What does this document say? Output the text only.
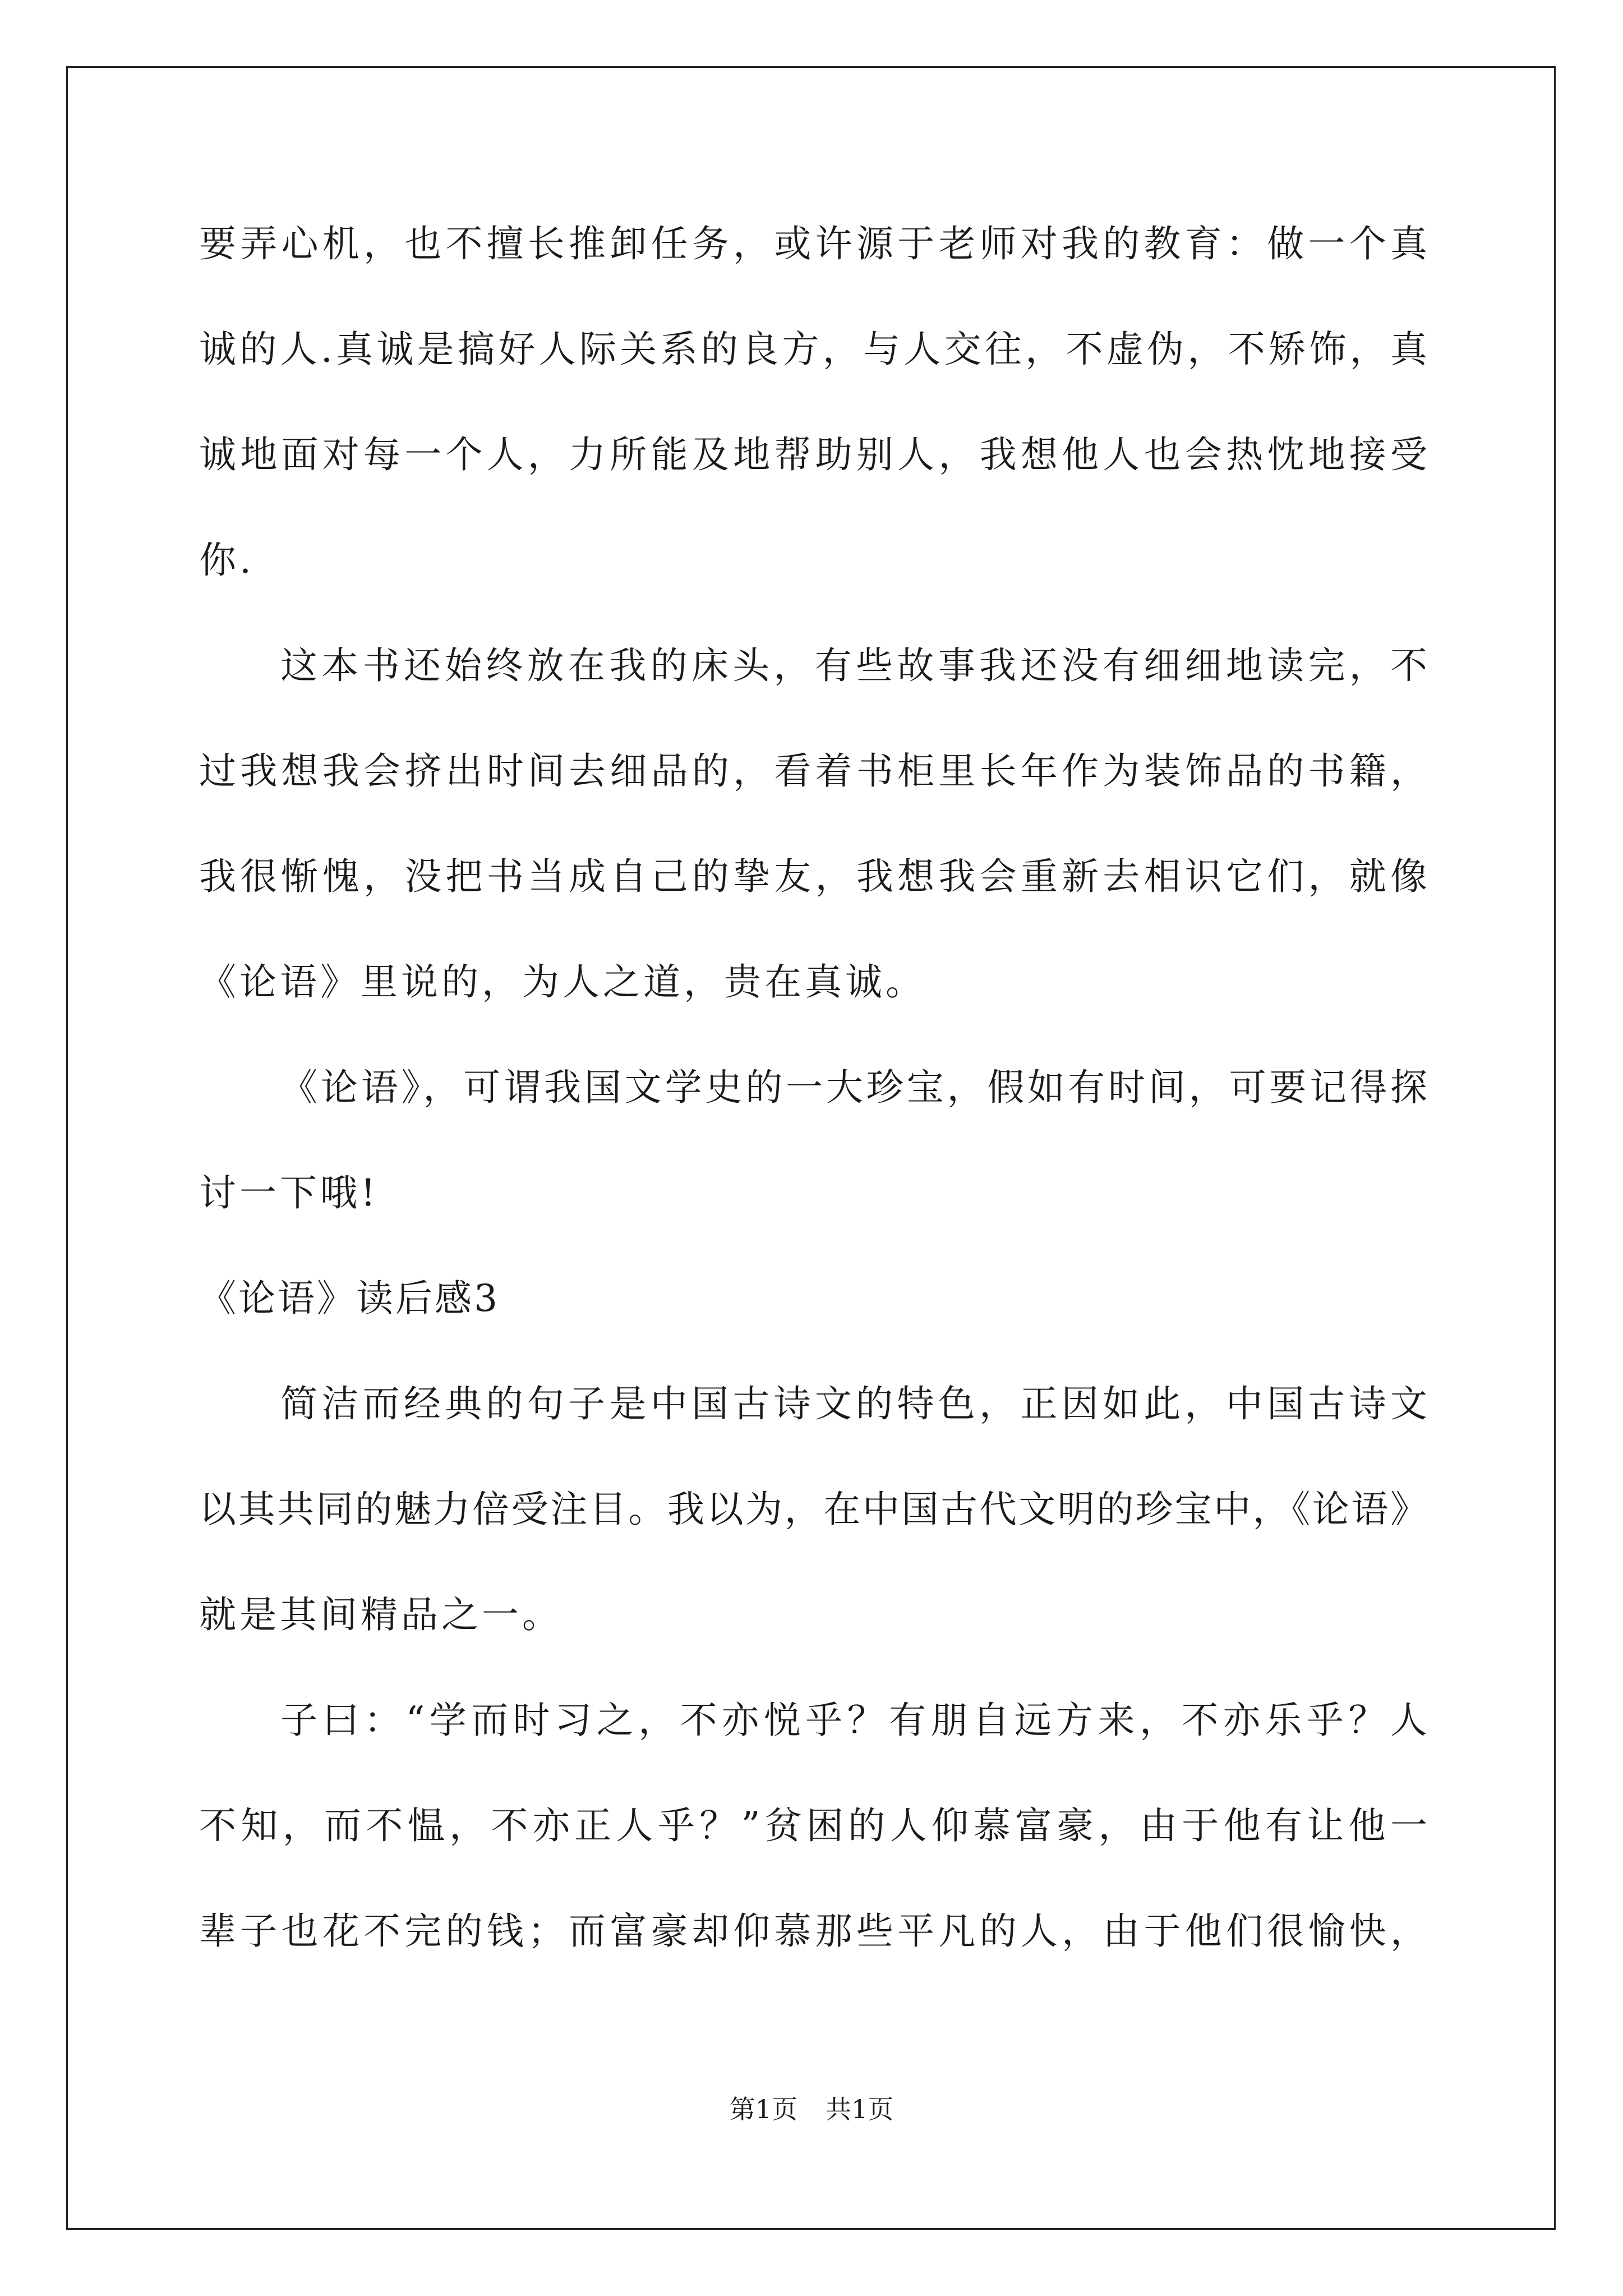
要弄心机，也不擅长推卸任务，或许源于老师对我的教育：做一个真
诚的人.真诚是搞好人际关系的良方，与人交往，不虚伪，不矫饰，真
诚地面对每一个人，力所能及地帮助别人，我想他人也会热忱地接受
你.
这本书还始终放在我的床头，有些故事我还没有细细地读完，不
过我想我会挤出时间去细品的，看着书柜里长年作为装饰品的书籍，
我很惭愧，没把书当成自己的挚友，我想我会重新去相识它们，就像
《论语》里说的，为人之道，贵在真诚。
《论语》，可谓我国文学史的一大珍宝，假如有时间，可要记得探
讨一下哦!
《论语》读后感3
简洁而经典的句子是中国古诗文的特色，正因如此，中国古诗文
以其共同的魅力倍受注目。我以为，在中国古代文明的珍宝中，《论语》
就是其间精品之一。
子曰：“学而时习之，不亦悦乎？有朋自远方来，不亦乐乎？人
不知，而不愠，不亦正人乎？”贫困的人仰慕富豪，由于他有让他一
辈子也花不完的钱；而富豪却仰慕那些平凡的人，由于他们很愉快，
第1页 共1页
